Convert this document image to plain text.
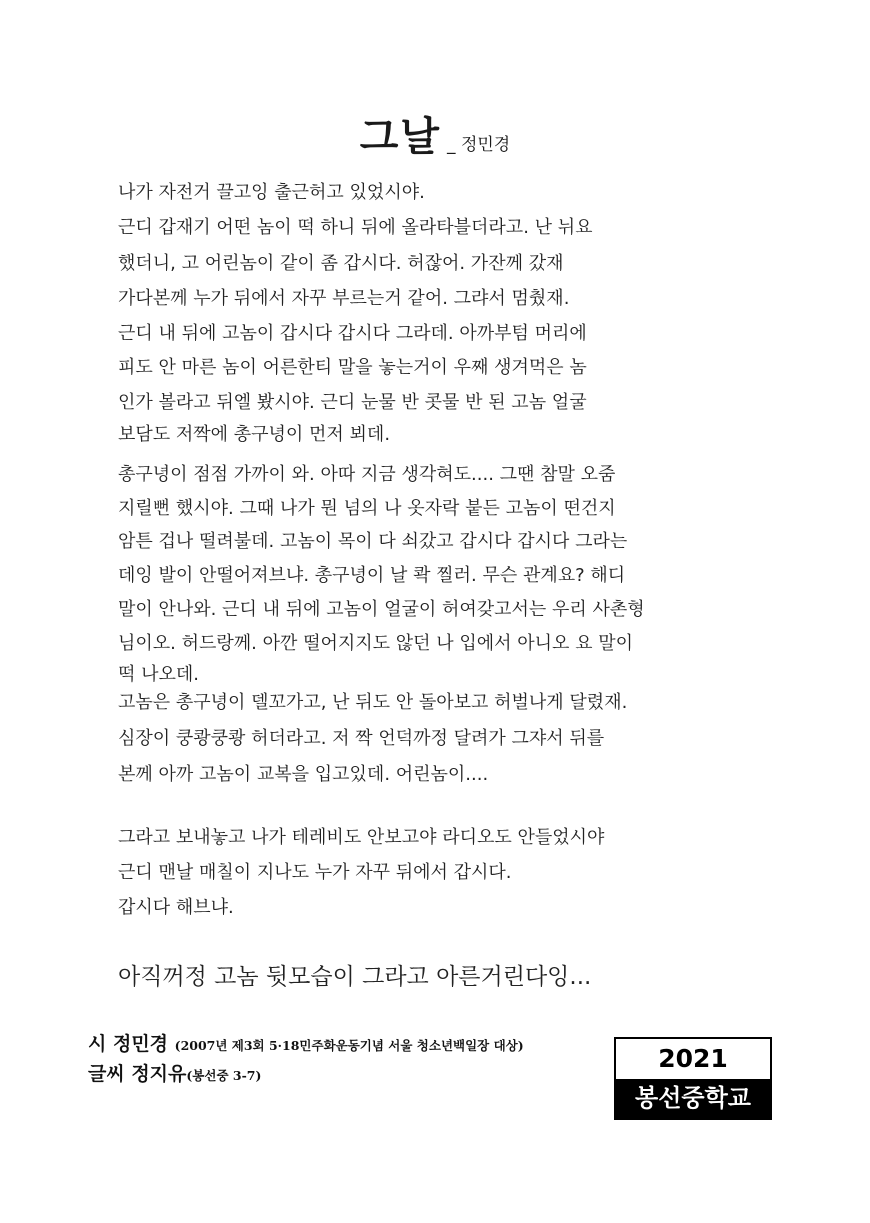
그날 _ 정민경
나가 자전거 끌고잉 출근허고 있었시야.
근디 갑재기 어떤 놈이 떡 하니 뒤에 올라타블더라고. 난 뉘요
했더니, 고 어린놈이 같이 좀 갑시다. 허잖어. 가잔께 갔재
가다본께 누가 뒤에서 자꾸 부르는거 같어. 그랴서 멈췄재.
근디 내 뒤에 고놈이 갑시다 갑시다 그라데. 아까부텀 머리에
피도 안 마른 놈이 어른한티 말을 놓는거이 우째 생겨먹은 놈
인가 볼라고 뒤엘 봤시야. 근디 눈물 반 콧물 반 된 고놈 얼굴
보담도 저짝에 총구녕이 먼저 뵈데.
총구녕이 점점 가까이 와. 아따 지금 생각혀도.... 그땐 참말 오줌
지릴뻔 했시야. 그때 나가 뭔 넘의 나 옷자락 붙든 고놈이 떤건지
암튼 겁나 떨려불데. 고놈이 목이 다 쇠갔고 갑시다 갑시다 그라는
데잉 발이 안떨어져브냐. 총구녕이 날 콱 찔러. 무슨 관계요? 해디
말이 안나와. 근디 내 뒤에 고놈이 얼굴이 허여갖고서는 우리 사촌형
님이오. 허드랑께. 아깐 떨어지지도 않던 나 입에서 아니오 요 말이
떡 나오데.
고놈은 총구녕이 델꼬가고, 난 뒤도 안 돌아보고 허벌나게 달렸재.
심장이 쿵쾅쿵쾅 허더라고. 저 짝 언덕까정 달려가 그쟈서 뒤를
본께 아까 고놈이 교복을 입고있데. 어린놈이....
그라고 보내놓고 나가 테레비도 안보고야 라디오도 안들었시야
근디 맨날 매칠이 지나도 누가 자꾸 뒤에서 갑시다.
갑시다 해브냐.
아직꺼정 고놈 뒷모습이 그라고 아른거린다잉...
시 정민경 (2007년 제3회 5·18민주화운동기념 서울 청소년백일장 대상)
글씨 정지유(봉선중 3-7)
2021
봉선중학교
